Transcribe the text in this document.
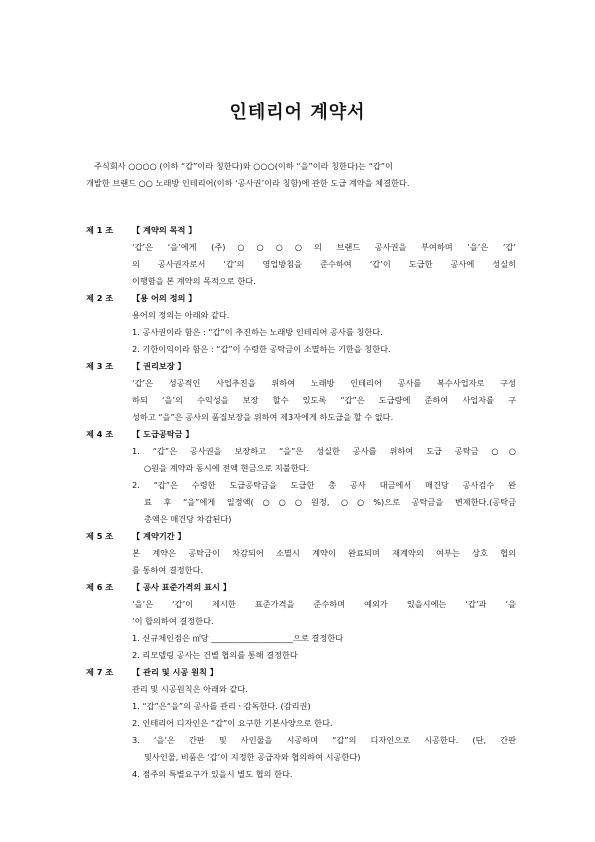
인테리어 계약서
주식회사 ○○○○ (이하 “갑”이라 칭한다)와 ○○○(이하 “을”이라 칭한다)는 “갑”이
개발한 브랜드 ○○ 노래방 인테리어(이하 ‘공사권’이라 칭함)에 관한 도급 계약을 체결한다.
제 1 조 【 계약의 목적 】
‘갑’은 ‘을’에게 (주)○○○○의 브랜드 공사권을 부여하며 ‘을’은 ‘갑’
의 공사권자로서 ‘갑’의 영업방침을 준수하여 ‘갑’이 도급한 공사에 성실히
이행함을 본 계약의 목적으로 한다.
제 2 조 【용 어의 정의 】
용어의 정의는 아래와 같다.
1. 공사권이라 함은 : “갑”이 추진하는 노래방 인테리어 공사를 칭한다.
2. 기한이익이라 함은 : “갑”이 수령한 공탁금이 소멸하는 기한을 칭한다.
제 3 조 【 권리보장 】
‘갑’은 성공적인 사업추진을 위하여 노래방 인테리어 공사를 복수사업자로 구성
하되 ‘을’의 수익성을 보장 할수 있도록 “갑”은 도급량에 준하여 사업자를 구
성하고 “을”은 공사의 품질보장을 위하여 제3자에게 하도급을 할 수 없다.
제 4 조 【 도급공탁금 】
1. “갑”은 공사권을 보장하고 “을”은 성실한 공사를 위하여 도급 공탁금 ○○
○원을 계약과 동시에 전액 현금으로 지불한다.
2. “갑”은 수령한 도급공탁금을 도급한 총 공사 대금에서 매건당 공사검수 완
료 후 “을”에게 일정액(○○○원정, ○○%)으로 공탁금을 변제한다.(공탁금
총액은 매건당 차감된다)
제 5 조 【 계약기간 】
본 계약은 공탁금이 차감되어 소멸시 계약이 완료되며 재계약의 여부는 상호 협의
를 통하여 결정한다.
제 6 조 【 공사 표준가격의 표시 】
‘을’은 ‘갑’이 제시한 표준가격을 준수하며 예외가 있을시에는 ‘갑’과 ‘을
’이 합의하여 결정한다.
1. 신규체인점은 ㎡당 ____________________으로 결정한다
2. 리모델링 공사는 건별 협의를 통해 결정한다
제 7 조 【 관리 및 시공 원칙 】
관리 및 시공원칙은 아래와 같다.
1. “갑”은“을”의 공사를 관리ㆍ감독한다. (감리권)
2. 인테리어 디자인은 “갑”이 요구한 기본사양으로 한다.
3. ‘을’은 간판 및 사인물을 시공하며 “갑”의 디자인으로 시공한다. (단, 간판
및사인물, 비품은 ‘갑’이 지정한 공급자와 협의하여 시공한다)
4. 점주의 특별요구가 있을시 별도 협의 한다.
